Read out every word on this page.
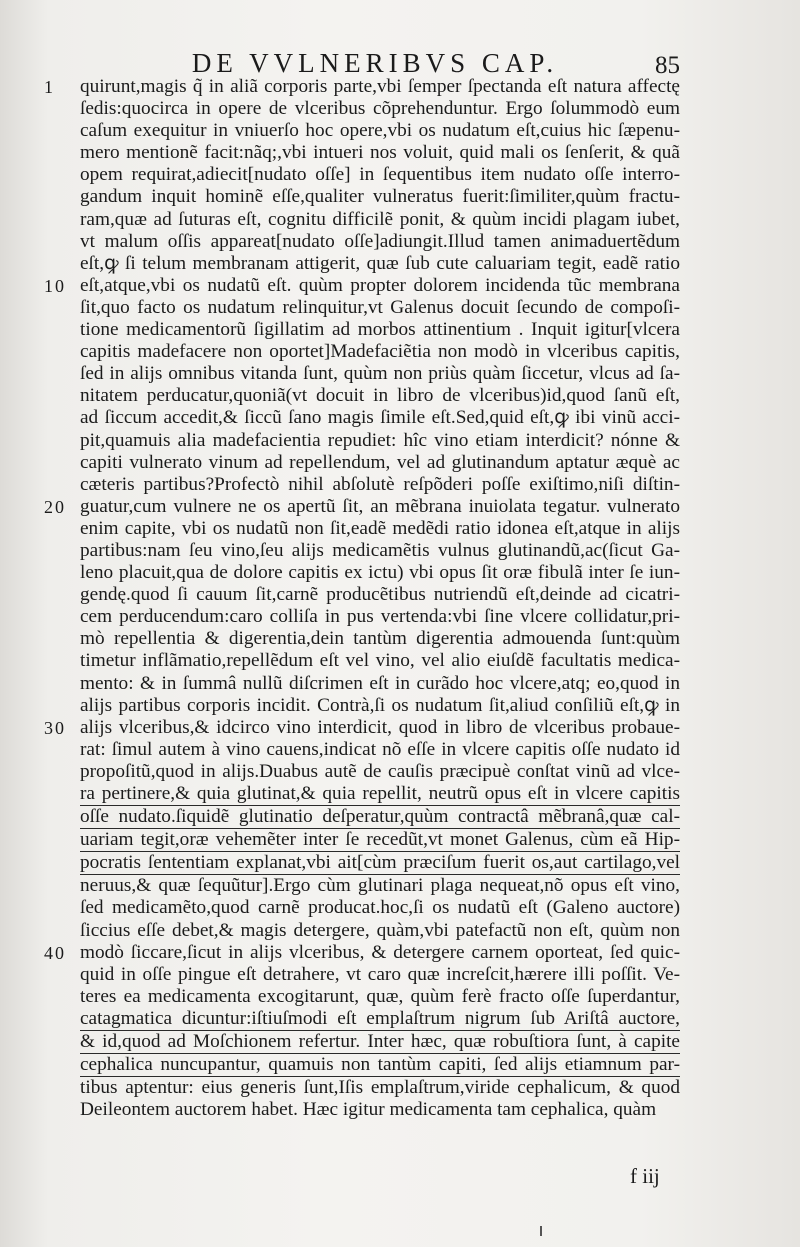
DE VVLNERIBVS CAP.	85
1	quirunt,magis q̃ in aliã corporis parte,vbi ſemper ſpectanda eſt natura affectę
ſedis:quocirca in opere de vlceribus cõprehenduntur. Ergo ſolummodò eum
caſum exequitur in vniuerſo hoc opere,vbi os nudatum eſt,cuius hic ſæpenu-
mero mentionẽ facit:nãq;,vbi intueri nos voluit, quid mali os ſenſerit, & quã
opem requirat,adiecit[nudato oſſe] in ſequentibus item nudato oſſe interro-
gandum inquit hominẽ eſſe,qualiter vulneratus fuerit:ſimiliter,quùm fractu-
ram,quæ ad ſuturas eſt, cognitu difficilẽ ponit, & quùm incidi plagam iubet,
vt malum oſſis appareat[nudato oſſe]adiungit.Illud tamen animaduertẽdum
eſt,ꝙ ſi telum membranam attigerit, quæ ſub cute caluariam tegit, eadẽ ratio
10 eſt,atque,vbi os nudatũ eſt. quùm propter dolorem incidenda tũc membrana
ſit,quo facto os nudatum relinquitur,vt Galenus docuit ſecundo de compoſi-
tione medicamentorũ ſigillatim ad morbos attinentium . Inquit igitur[vlcera
capitis madefacere non oportet]Madefaciẽtia non modò in vlceribus capitis,
ſed in alijs omnibus vitanda ſunt, quùm non priùs quàm ſiccetur, vlcus ad ſa-
nitatem perducatur,quoniã(vt docuit in libro de vlceribus)id,quod ſanũ eſt,
ad ſiccum accedit,& ſiccũ ſano magis ſimile eſt.Sed,quid eſt,ꝙ ibi vinũ acci-
pit,quamuis alia madefacientia repudiet: hîc vino etiam interdicit? nónne &
capiti vulnerato vinum ad repellendum, vel ad glutinandum aptatur æquè ac
cæteris partibus?Profectò nihil abſolutè reſpõderi poſſe exiſtimo,niſi diſtin-
20 guatur,cum vulnere ne os apertũ ſit, an mẽbrana inuiolata tegatur. vulnerato
enim capite, vbi os nudatũ non ſit,eadẽ medẽdi ratio idonea eſt,atque in alijs
partibus:nam ſeu vino,ſeu alijs medicamẽtis vulnus glutinandũ,ac(ſicut Ga-
leno placuit,qua de dolore capitis ex ictu) vbi opus ſit oræ fibulã inter ſe iun-
gendę.quod ſi cauum ſit,carnẽ producẽtibus nutriendũ eſt,deinde ad cicatri-
cem perducendum:caro colliſa in pus vertenda:vbi ſine vlcere collidatur,pri-
mò repellentia & digerentia,dein tantùm digerentia admouenda ſunt:quùm
timetur inflãmatio,repellẽdum eſt vel vino, vel alio eiuſdẽ facultatis medica-
mento: & in ſummâ nullũ diſcrimen eſt in curãdo hoc vlcere,atq; eo,quod in
alijs partibus corporis incidit. Contrà,ſi os nudatum ſit,aliud conſiliũ eſt,ꝙ in
30 alijs vlceribus,& idcirco vino interdicit, quod in libro de vlceribus probaue-
rat: ſimul autem à vino cauens,indicat nõ eſſe in vlcere capitis oſſe nudato id
propoſitũ,quod in alijs.Duabus autẽ de cauſis præcipuè conſtat vinũ ad vlce-
ra pertinere,& quia glutinat,& quia repellit, neutrũ opus eſt in vlcere capitis
oſſe nudato.ſiquidẽ glutinatio deſperatur,quùm contractâ mẽbranâ,quæ cal-
uariam tegit,oræ vehemẽter inter ſe recedũt,vt monet Galenus, cùm eã Hip-
pocratis ſententiam explanat,vbi ait[cùm præciſum fuerit os,aut cartilago,vel
neruus,& quæ ſequũtur].Ergo cùm glutinari plaga nequeat,nõ opus eſt vino,
ſed medicamẽto,quod carnẽ producat.hoc,ſi os nudatũ eſt (Galeno auctore)
ſiccius eſſe debet,& magis detergere, quàm,vbi patefactũ non eſt, quùm non
40 modò ſiccare,ſicut in alijs vlceribus, & detergere carnem oporteat, ſed quic-
quid in oſſe pingue eſt detrahere, vt caro quæ increſcit,hærere illi poſſit. Ve-
teres ea medicamenta excogitarunt, quæ, quùm ferè fracto oſſe ſuperdantur,
catagmatica dicuntur:iſtiuſmodi eſt emplaſtrum nigrum ſub Ariſtâ auctore,
& id,quod ad Moſchionem refertur. Inter hæc, quæ robuſtiora ſunt, à capite
cephalica nuncupantur, quamuis non tantùm capiti, ſed alijs etiamnum par-
tibus aptentur: eius generis ſunt,Iſis emplaſtrum,viride cephalicum, & quod
Deileontem auctorem habet. Hæc igitur medicamenta tam cephalica, quàm
f iij
